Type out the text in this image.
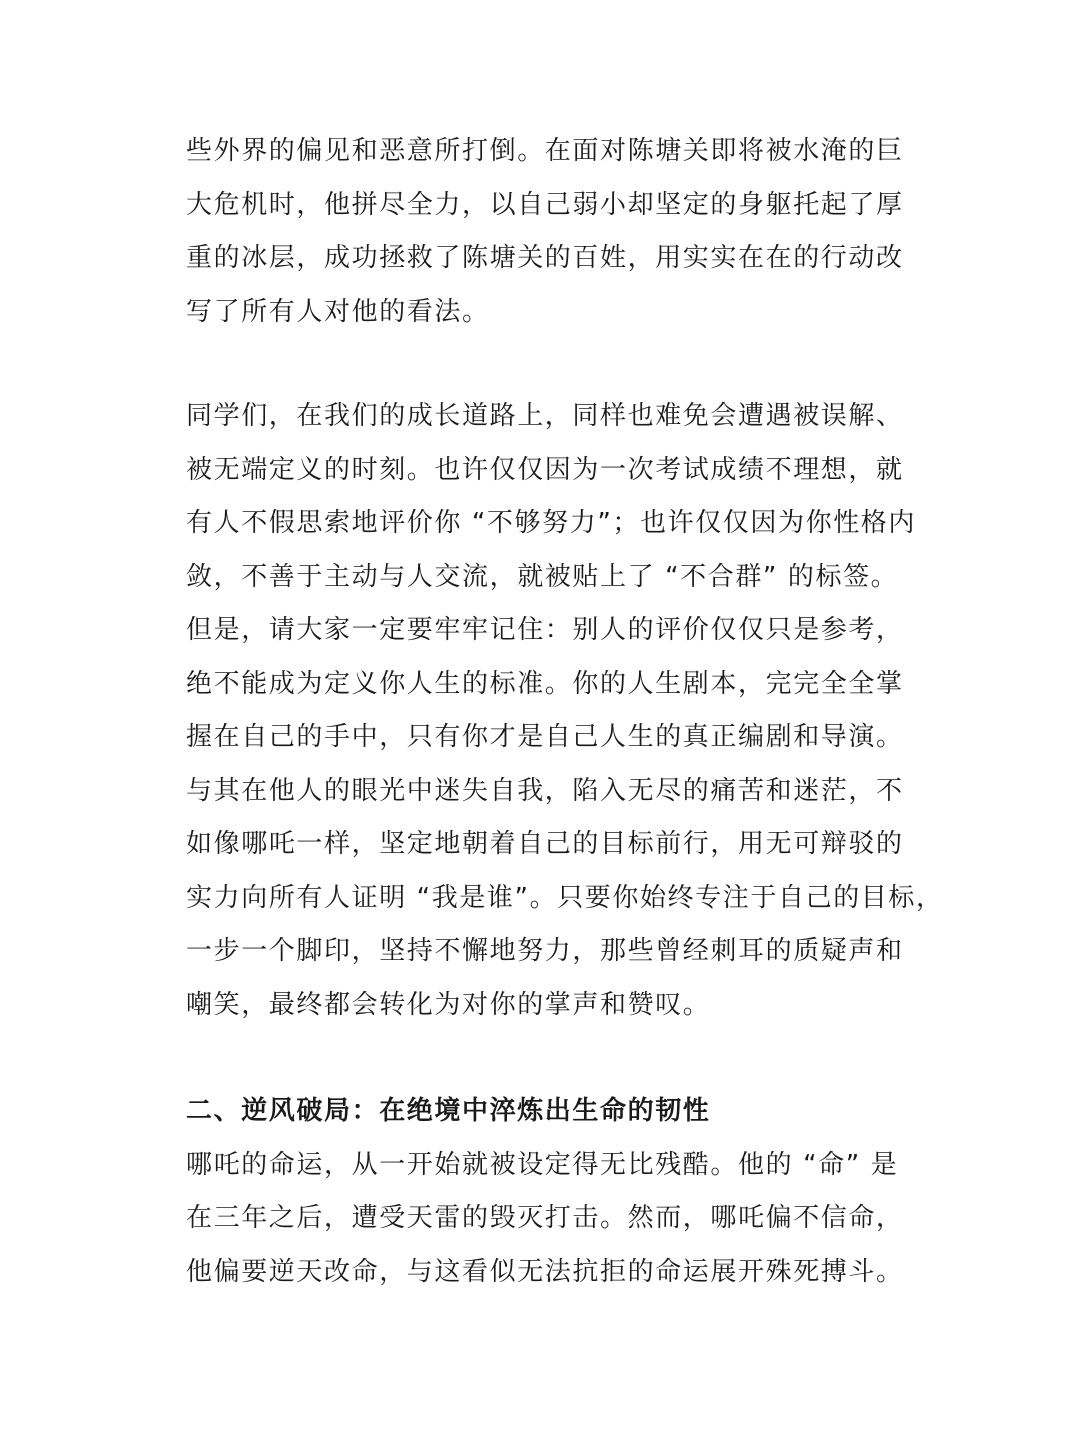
些外界的偏见和恶意所打倒。在面对陈塘关即将被水淹的巨
大危机时，他拼尽全力，以自己弱小却坚定的身躯托起了厚
重的冰层，成功拯救了陈塘关的百姓，用实实在在的行动改
写了所有人对他的看法。
同学们，在我们的成长道路上，同样也难免会遭遇被误解、
被无端定义的时刻。也许仅仅因为一次考试成绩不理想，就
有人不假思索地评价你 “不够努力”；也许仅仅因为你性格内
敛，不善于主动与人交流，就被贴上了 “不合群” 的标签。
但是，请大家一定要牢牢记住：别人的评价仅仅只是参考，
绝不能成为定义你人生的标准。你的人生剧本，完完全全掌
握在自己的手中，只有你才是自己人生的真正编剧和导演。
与其在他人的眼光中迷失自我，陷入无尽的痛苦和迷茫，不
如像哪吒一样，坚定地朝着自己的目标前行，用无可辩驳的
实力向所有人证明 “我是谁”。只要你始终专注于自己的目标，
一步一个脚印，坚持不懈地努力，那些曾经刺耳的质疑声和
嘲笑，最终都会转化为对你的掌声和赞叹。
二、逆风破局：在绝境中淬炼出生命的韧性
哪吒的命运，从一开始就被设定得无比残酷。他的 “命” 是
在三年之后，遭受天雷的毁灭打击。然而，哪吒偏不信命，
他偏要逆天改命，与这看似无法抗拒的命运展开殊死搏斗。
